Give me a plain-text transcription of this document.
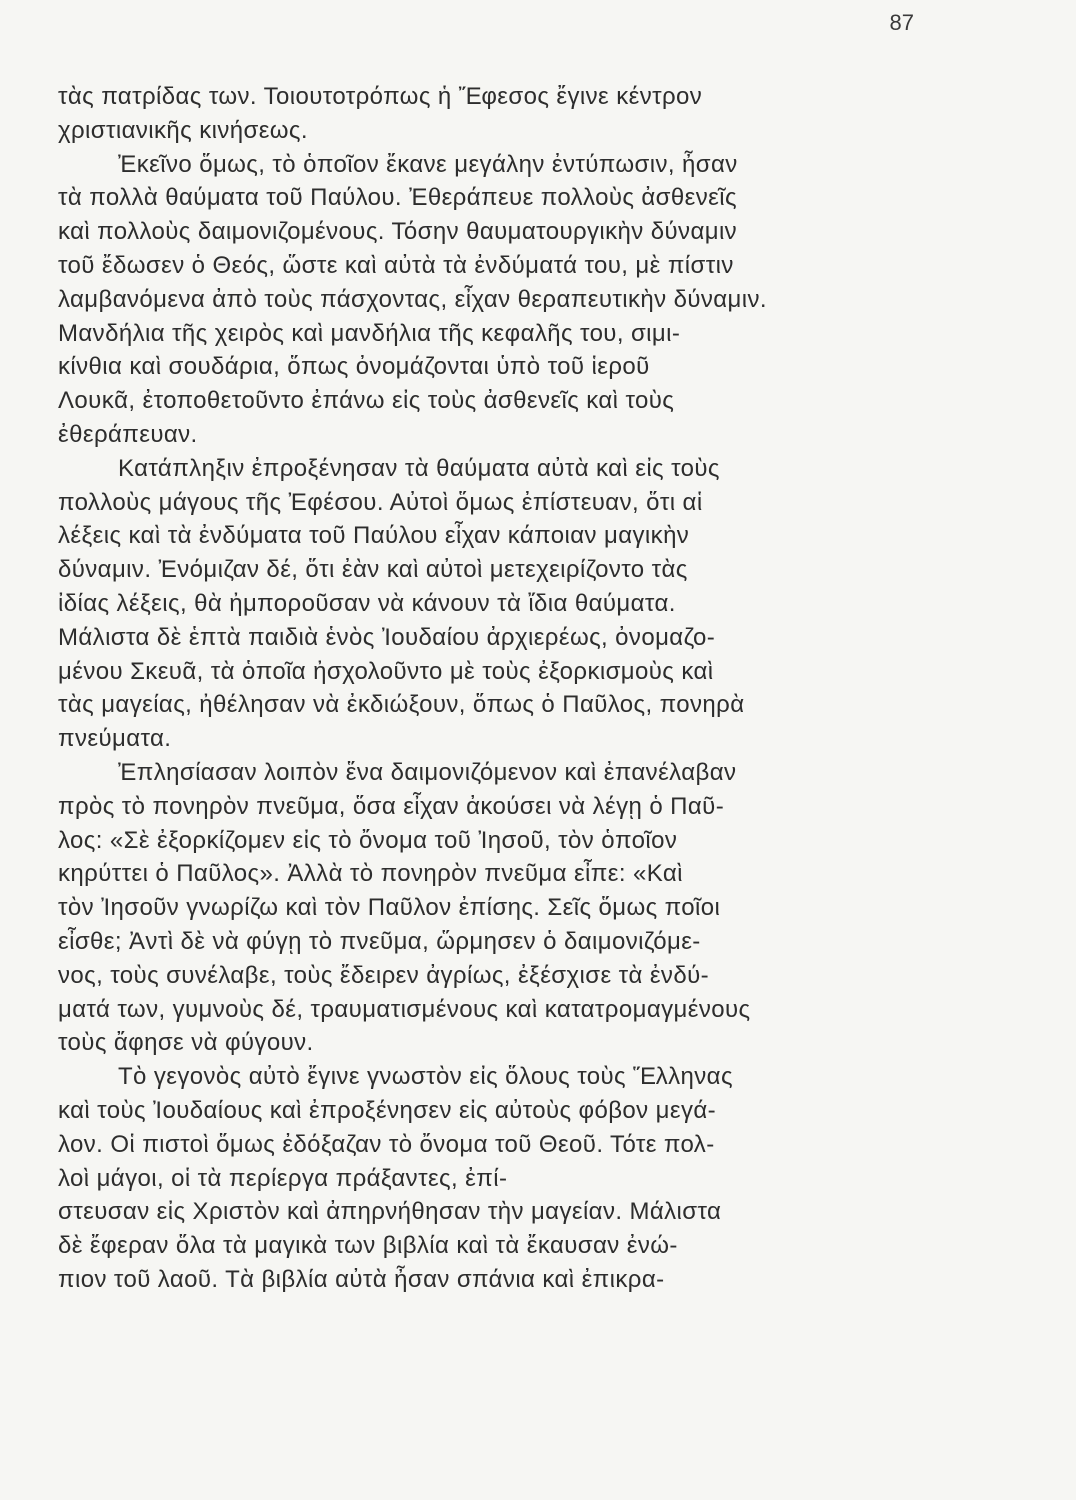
87
τὰς πατρίδας των. Τοιουτοτρόπως ἡ Ἔφεσος ἔγινε κέντρον
χριστιανικῆς κινήσεως.
Ἐκεῖνο ὅμως, τὸ ὁποῖον ἔκανε μεγάλην ἐντύπωσιν, ἦσαν
τὰ πολλὰ θαύματα τοῦ Παύλου. Ἐθεράπευε πολλοὺς ἀσθενεῖς
καὶ πολλοὺς δαιμονιζομένους. Τόσην θαυματουργικὴν δύναμιν
τοῦ ἔδωσεν ὁ Θεός, ὥστε καὶ αὐτὰ τὰ ἐνδύματά του, μὲ πίστιν
λαμβανόμενα ἀπὸ τοὺς πάσχοντας, εἶχαν θεραπευτικὴν δύναμιν.
Μανδήλια τῆς χειρὸς καὶ μανδήλια τῆς κεφαλῆς του, σιμι-
κίνθια καὶ σουδάρια, ὅπως ὀνομάζονται ὑπὸ τοῦ ἱεροῦ
Λουκᾶ, ἐτοποθετοῦντο ἐπάνω εἰς τοὺς ἀσθενεῖς καὶ τοὺς
ἐθεράπευαν.
Κατάπληξιν ἐπροξένησαν τὰ θαύματα αὐτὰ καὶ εἰς τοὺς
πολλοὺς μάγους τῆς Ἐφέσου. Αὐτοὶ ὅμως ἐπίστευαν, ὅτι αἱ
λέξεις καὶ τὰ ἐνδύματα τοῦ Παύλου εἶχαν κάποιαν μαγικὴν
δύναμιν. Ἐνόμιζαν δέ, ὅτι ἐὰν καὶ αὐτοὶ μετεχειρίζοντο τὰς
ἰδίας λέξεις, θὰ ἠμποροῦσαν νὰ κάνουν τὰ ἴδια θαύματα.
Μάλιστα δὲ ἑπτὰ παιδιὰ ἑνὸς Ἰουδαίου ἀρχιερέως, ὀνομαζο-
μένου Σκευᾶ, τὰ ὁποῖα ἠσχολοῦντο μὲ τοὺς ἐξορκισμοὺς καὶ
τὰς μαγείας, ἠθέλησαν νὰ ἐκδιώξουν, ὅπως ὁ Παῦλος, πονηρὰ
πνεύματα.
Ἐπλησίασαν λοιπὸν ἕνα δαιμονιζόμενον καὶ ἐπανέλαβαν
πρὸς τὸ πονηρὸν πνεῦμα, ὅσα εἶχαν ἀκούσει νὰ λέγῃ ὁ Παῦ-
λος: «Σὲ ἐξορκίζομεν εἰς τὸ ὄνομα τοῦ Ἰησοῦ, τὸν ὁποῖον
κηρύττει ὁ Παῦλος». Ἀλλὰ τὸ πονηρὸν πνεῦμα εἶπε: «Καὶ
τὸν Ἰησοῦν γνωρίζω καὶ τὸν Παῦλον ἐπίσης. Σεῖς ὅμως ποῖοι
εἶσθε; Ἀντὶ δὲ νὰ φύγῃ τὸ πνεῦμα, ὥρμησεν ὁ δαιμονιζόμε-
νος, τοὺς συνέλαβε, τοὺς ἔδειρεν ἀγρίως, ἐξέσχισε τὰ ἐνδύ-
ματά των, γυμνοὺς δέ, τραυματισμένους καὶ κατατρομαγμένους
τοὺς ἄφησε νὰ φύγουν.
Τὸ γεγονὸς αὐτὸ ἔγινε γνωστὸν εἰς ὅλους τοὺς Ἕλληνας
καὶ τοὺς Ἰουδαίους καὶ ἐπροξένησεν εἰς αὐτοὺς φόβον μεγά-
λον. Οἱ πιστοὶ ὅμως ἐδόξαζαν τὸ ὄνομα τοῦ Θεοῦ. Τότε πολ-
λοὶ μάγοι, οἱ τὰ περίεργα πράξαντες, ἐπί-
στευσαν εἰς Χριστὸν καὶ ἀπηρνήθησαν τὴν μαγείαν. Μάλιστα
δὲ ἔφεραν ὅλα τὰ μαγικὰ των βιβλία καὶ τὰ ἔκαυσαν ἐνώ-
πιον τοῦ λαοῦ. Τὰ βιβλία αὐτὰ ἦσαν σπάνια καὶ ἐπικρα-
